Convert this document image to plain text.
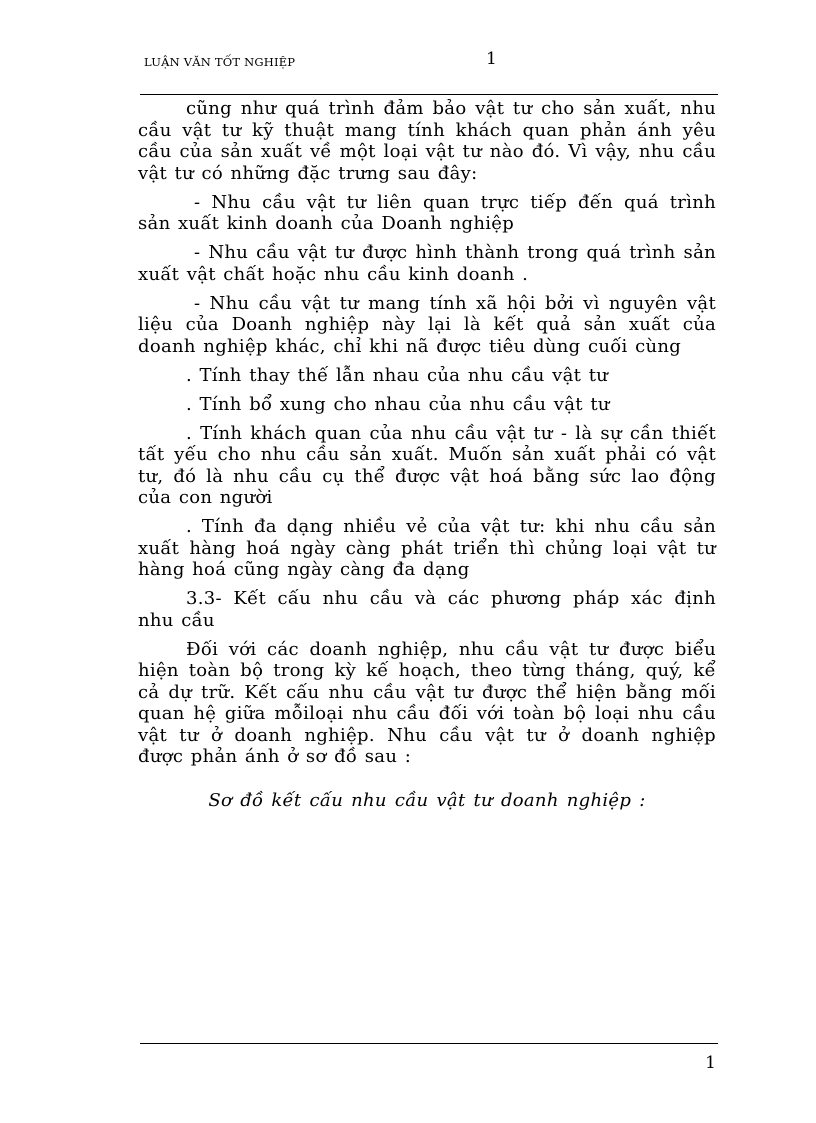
LUẬN VĂN TỐT NGHIỆP	1

cũng như quá trình đảm bảo vật tư cho sản xuất, nhu cầu vật tư kỹ thuật mang tính khách quan phản ánh yêu cầu của sản xuất về một loại vật tư nào đó. Vì vậy, nhu cầu vật tư có những đặc trưng sau đây:

- Nhu cầu vật tư liên quan trực tiếp đến quá trình sản xuất kinh doanh của Doanh nghiệp

- Nhu cầu vật tư được hình thành trong quá trình sản xuất vật chất hoặc nhu cầu kinh doanh .

- Nhu cầu vật tư mang tính xã hội bởi vì nguyên vật liệu của Doanh nghiệp này lại là kết quả sản xuất của doanh nghiệp khác, chỉ khi nã được tiêu dùng cuối cùng

. Tính thay thế lẫn nhau của nhu cầu vật tư

. Tính bổ xung cho nhau của nhu cầu vật tư

. Tính khách quan của nhu cầu vật tư - là sự cần thiết tất yếu cho nhu cầu sản xuất. Muốn sản xuất phải có vật tư, đó là nhu cầu cụ thể được vật hoá bằng sức lao động của con người

. Tính đa dạng nhiều vẻ của vật tư: khi nhu cầu sản xuất hàng hoá ngày càng phát triển thì chủng loại vật tư hàng hoá cũng ngày càng đa dạng

3.3- Kết cấu nhu cầu và các phương pháp xác định nhu cầu

Đối với các doanh nghiệp, nhu cầu vật tư được biểu hiện toàn bộ trong kỳ kế hoạch, theo từng tháng, quý, kể cả dự trữ. Kết cấu nhu cầu vật tư được thể hiện bằng mối quan hệ giữa mỗiloại nhu cầu đối với toàn bộ loại nhu cầu vật tư ở doanh nghiệp. Nhu cầu vật tư ở doanh nghiệp được phản ánh ở sơ đồ sau :

Sơ đồ kết cấu nhu cầu vật tư doanh nghiệp :
1
